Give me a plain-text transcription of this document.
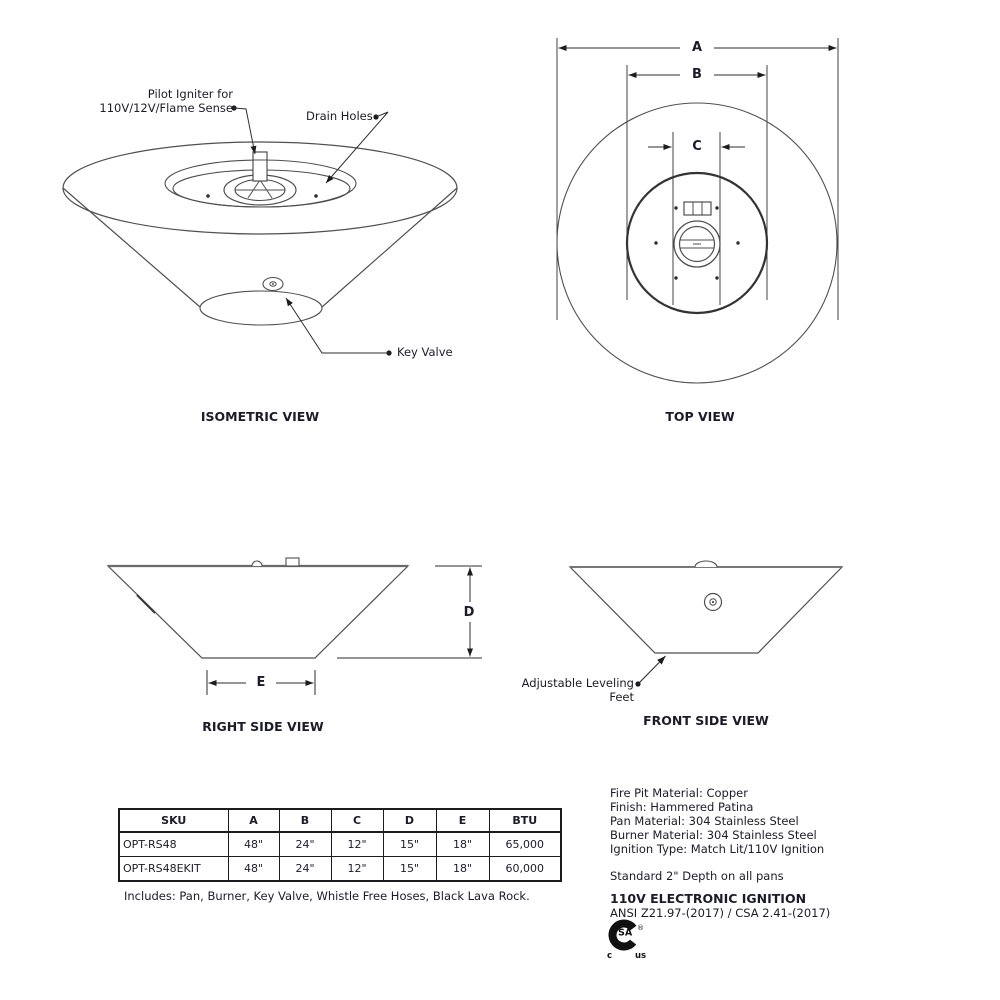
Pilot Igniter for
110V/12V/Flame Sense
Drain Holes
Key Valve
ISOMETRIC VIEW
A
B
C
TOP VIEW
D
E
RIGHT SIDE VIEW
Adjustable Leveling Feet
FRONT SIDE VIEW
SKU	A	B	C	D	E	BTU
OPT-RS48	48"	24"	12"	15"	18"	65,000
OPT-RS48EKIT	48"	24"	12"	15"	18"	60,000
Includes: Pan, Burner, Key Valve, Whistle Free Hoses, Black Lava Rock.
Fire Pit Material: Copper
Finish: Hammered Patina
Pan Material: 304 Stainless Steel
Burner Material: 304 Stainless Steel
Ignition Type: Match Lit/110V Ignition
Standard 2" Depth on all pans
110V ELECTRONIC IGNITION
ANSI Z21.97-(2017) / CSA 2.41-(2017)
SA ®
c	us
